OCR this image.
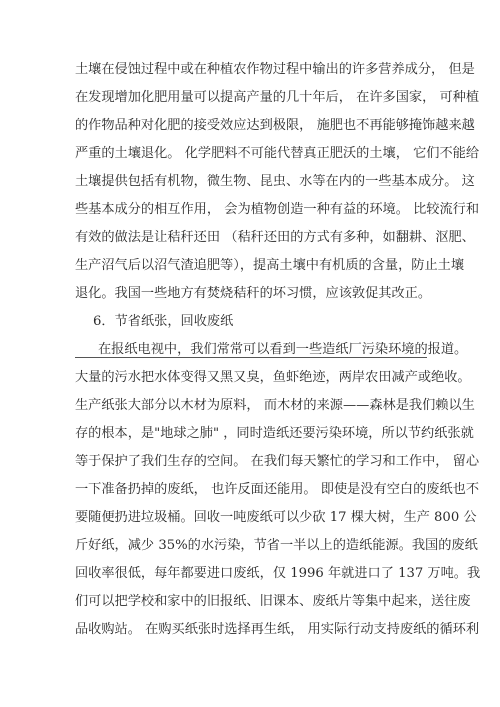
土壤在侵蚀过程中或在种植农作物过程中输出的许多营养成分， 但是
在发现增加化肥用量可以提高产量的几十年后， 在许多国家， 可种植
的作物品种对化肥的接受效应达到极限， 施肥也不再能够掩饰越来越
严重的土壤退化。 化学肥料不可能代替真正肥沃的土壤， 它们不能给
土壤提供包括有机物，微生物、昆虫、水等在内的一些基本成分。 这
些基本成分的相互作用， 会为植物创造一种有益的环境。 比较流行和
有效的做法是让秸秆还田 （秸秆还田的方式有多种，如翻耕、沤肥、
生产沼气后以沼气渣追肥等），提高土壤中有机质的含量，防止土壤
退化。我国一些地方有焚烧秸秆的坏习惯，应该敦促其改正。
6．节省纸张，回收废纸
在报纸电视中，我们常常可以看到一些造纸厂污染环境的报道。
大量的污水把水体变得又黑又臭，鱼虾绝迹，两岸农田减产或绝收。
生产纸张大部分以木材为原料， 而木材的来源——森林是我们赖以生
存的根本，是"地球之肺" ，同时造纸还要污染环境，所以节约纸张就
等于保护了我们生存的空间。 在我们每天繁忙的学习和工作中， 留心
一下准备扔掉的废纸， 也许反面还能用。 即使是没有空白的废纸也不
要随便扔进垃圾桶。回收一吨废纸可以少砍 17 棵大树，生产 800 公
斤好纸，减少 35%的水污染，节省一半以上的造纸能源。我国的废纸
回收率很低，每年都要进口废纸，仅 1996 年就进口了 137 万吨。我
们可以把学校和家中的旧报纸、旧课本、废纸片等集中起来，送往废
品收购站。 在购买纸张时选择再生纸， 用实际行动支持废纸的循环利
